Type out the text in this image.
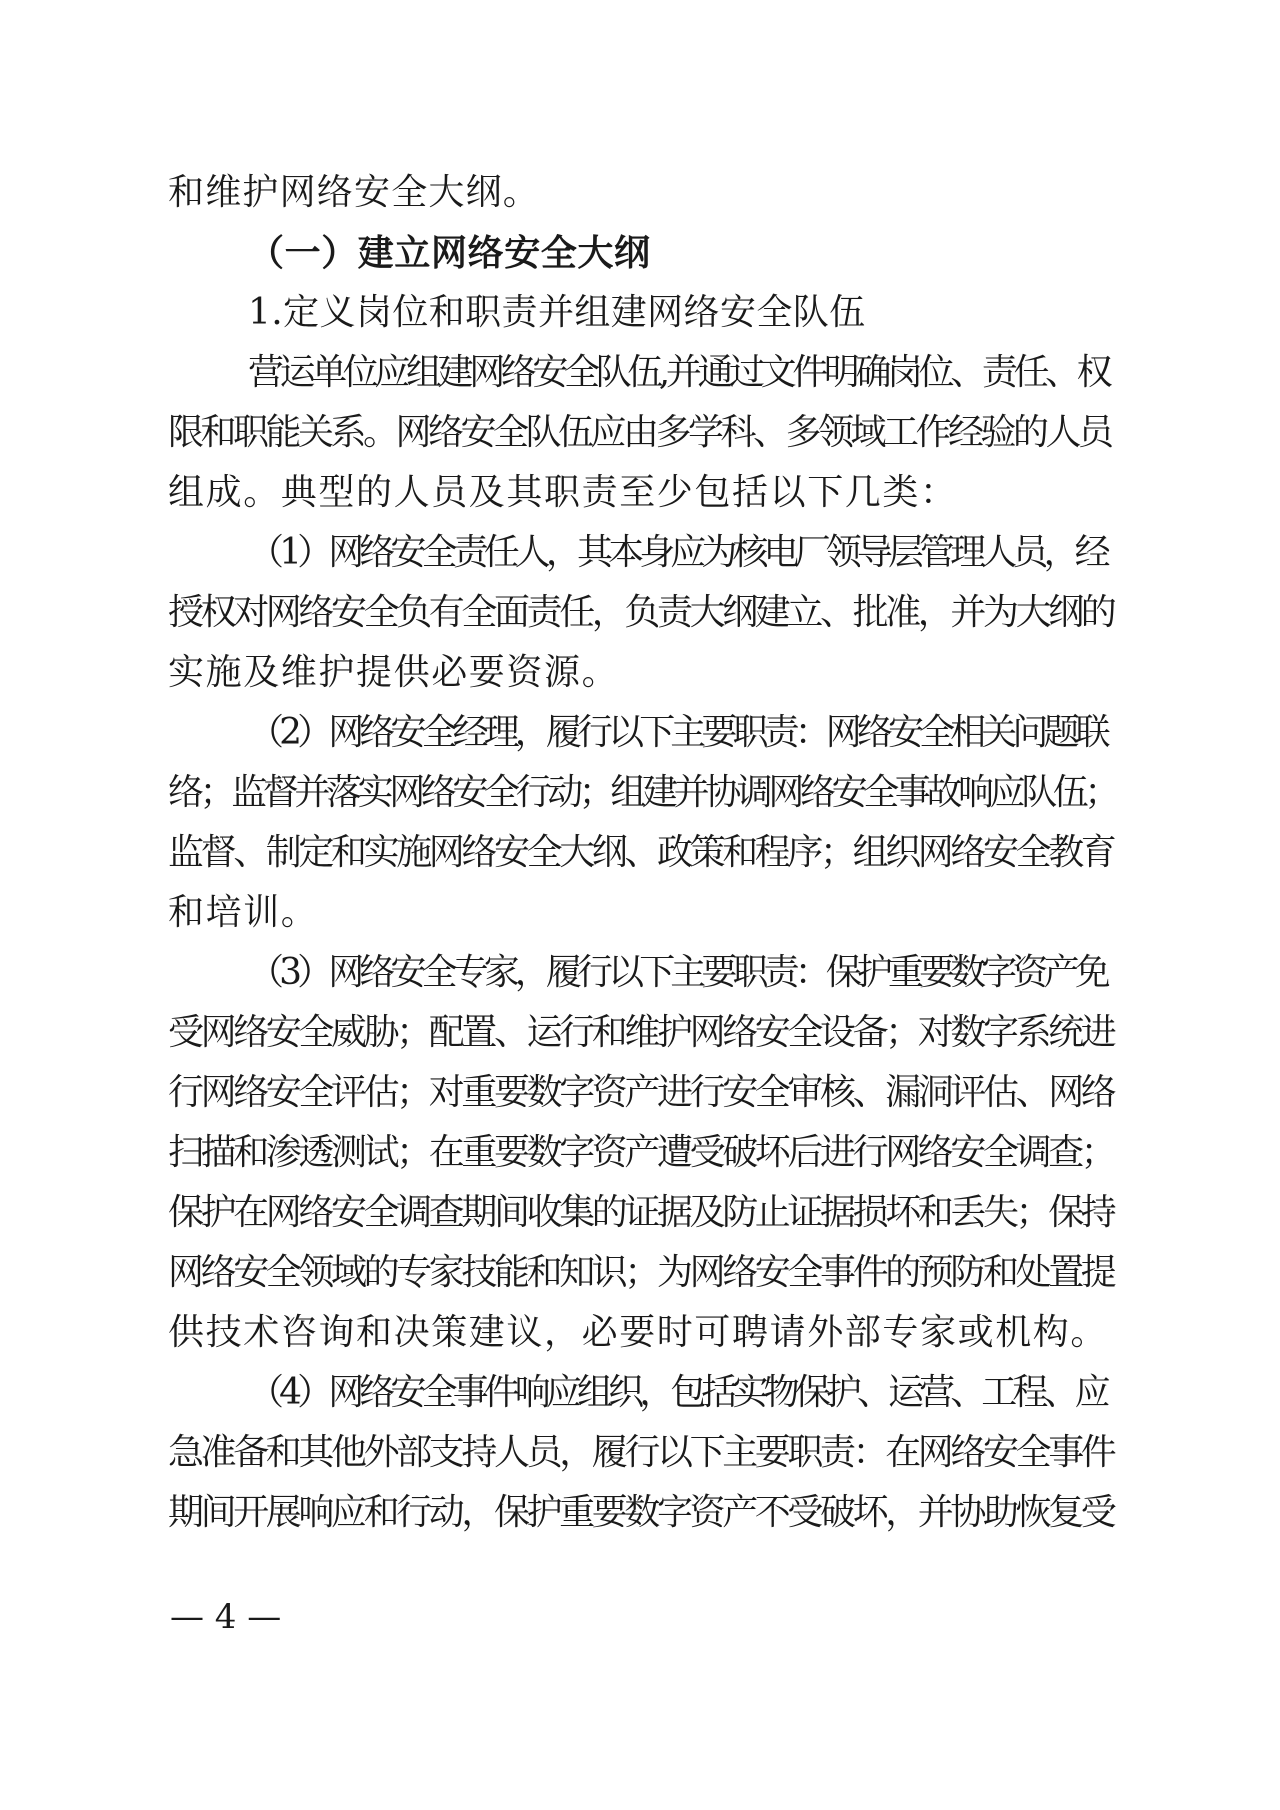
和维护网络安全大纲。
（一）建立网络安全大纲
1.定义岗位和职责并组建网络安全队伍
营运单位应组建网络安全队伍,并通过文件明确岗位、责任、权
限和职能关系。网络安全队伍应由多学科、多领域工作经验的人员
组成。典型的人员及其职责至少包括以下几类：
（1）网络安全责任人，其本身应为核电厂领导层管理人员，经
授权对网络安全负有全面责任，负责大纲建立、批准，并为大纲的
实施及维护提供必要资源。
（2）网络安全经理，履行以下主要职责：网络安全相关问题联
络；监督并落实网络安全行动；组建并协调网络安全事故响应队伍；
监督、制定和实施网络安全大纲、政策和程序；组织网络安全教育
和培训。
（3）网络安全专家，履行以下主要职责：保护重要数字资产免
受网络安全威胁；配置、运行和维护网络安全设备；对数字系统进
行网络安全评估；对重要数字资产进行安全审核、漏洞评估、网络
扫描和渗透测试；在重要数字资产遭受破坏后进行网络安全调查；
保护在网络安全调查期间收集的证据及防止证据损坏和丢失；保持
网络安全领域的专家技能和知识；为网络安全事件的预防和处置提
供技术咨询和决策建议，必要时可聘请外部专家或机构。
（4）网络安全事件响应组织，包括实物保护、运营、工程、应
急准备和其他外部支持人员，履行以下主要职责：在网络安全事件
期间开展响应和行动，保护重要数字资产不受破坏，并协助恢复受
— 4 —
